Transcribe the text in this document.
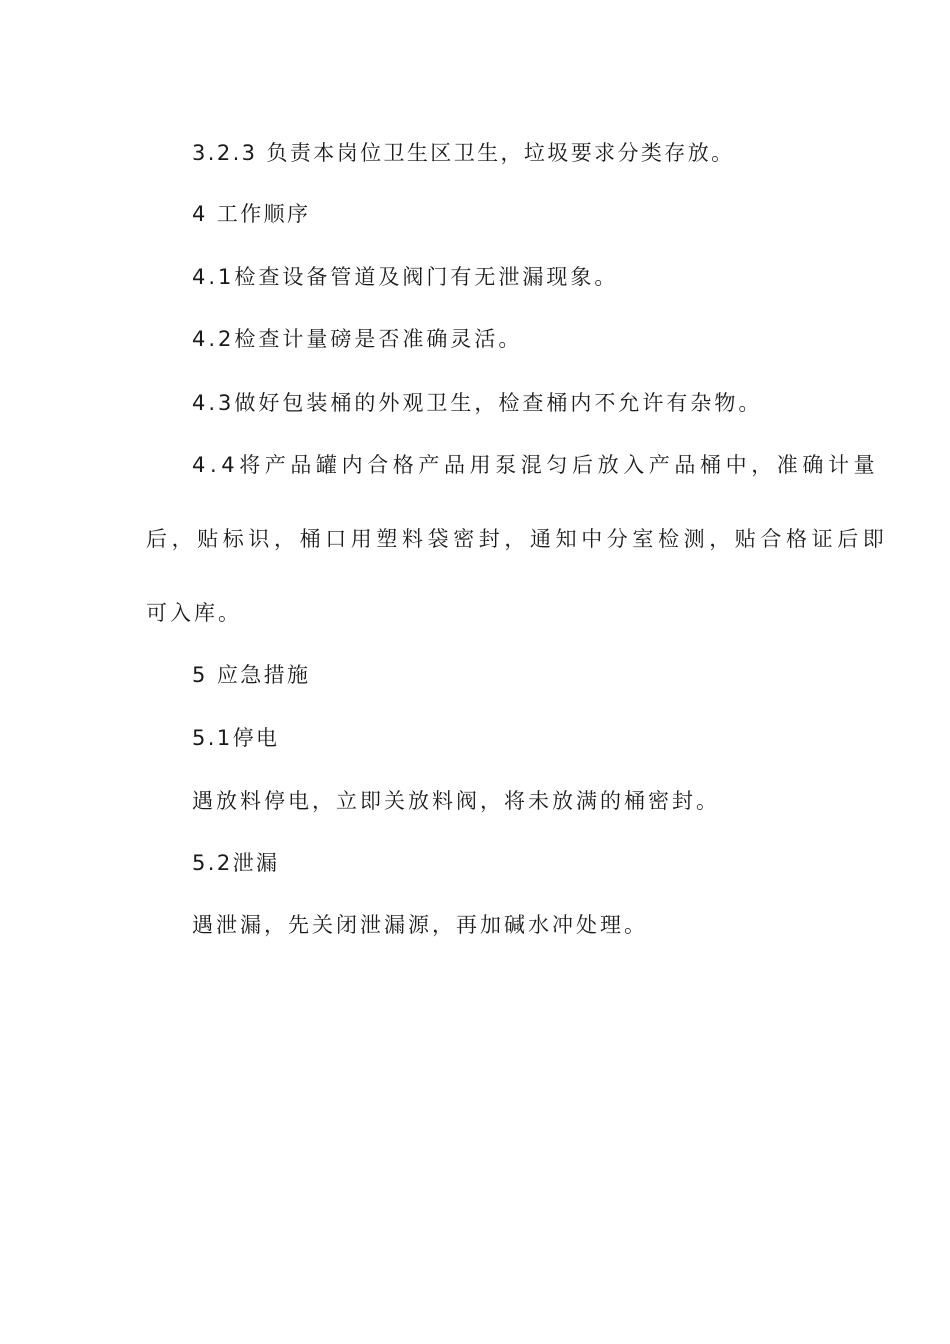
3.2.3 负责本岗位卫生区卫生，垃圾要求分类存放。
4 工作顺序
4.1检查设备管道及阀门有无泄漏现象。
4.2检查计量磅是否准确灵活。
4.3做好包装桶的外观卫生，检查桶内不允许有杂物。
4.4将产品罐内合格产品用泵混匀后放入产品桶中，准确计量
后，贴标识，桶口用塑料袋密封，通知中分室检测，贴合格证后即
可入库。
5 应急措施
5.1停电
遇放料停电，立即关放料阀，将未放满的桶密封。
5.2泄漏
遇泄漏，先关闭泄漏源，再加碱水冲处理。
